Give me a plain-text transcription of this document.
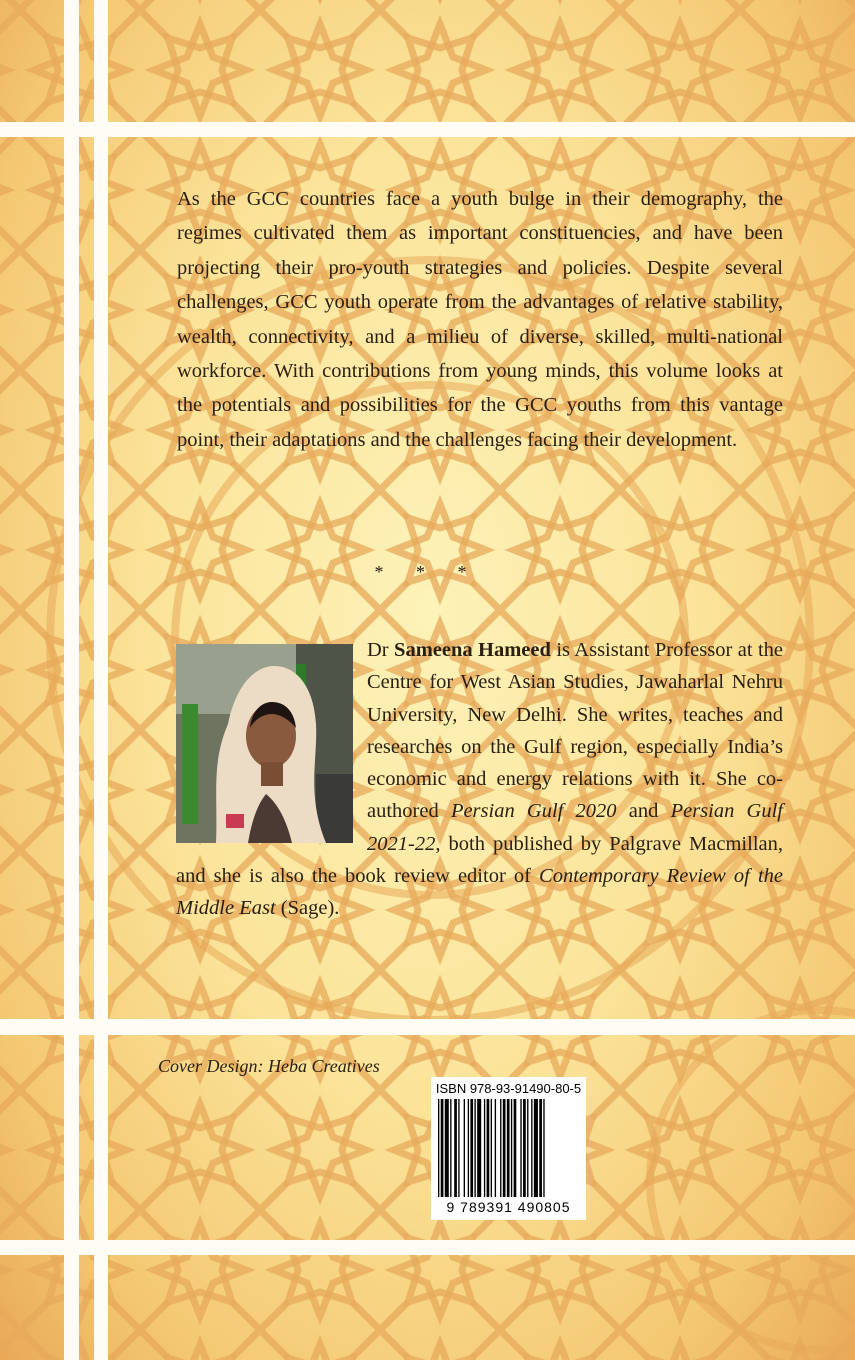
As the GCC countries face a youth bulge in their demography, the regimes cultivated them as important constituencies, and have been projecting their pro-youth strategies and policies. Despite several challenges, GCC youth operate from the advantages of relative stability, wealth, connectivity, and a milieu of diverse, skilled, multi-national workforce. With contributions from young minds, this volume looks at the potentials and possibilities for the GCC youths from this vantage point, their adaptations and the challenges facing their development.

* * *

Dr Sameena Hameed is Assistant Professor at the Centre for West Asian Studies, Jawaharlal Nehru University, New Delhi. She writes, teaches and researches on the Gulf region, especially India’s economic and energy relations with it. She co-authored Persian Gulf 2020 and Persian Gulf 2021-22, both published by Palgrave Macmillan, and she is also the book review editor of Contemporary Review of the Middle East (Sage).

Cover Design: Heba Creatives
ISBN 978-93-91490-80-5
9 789391 490805
